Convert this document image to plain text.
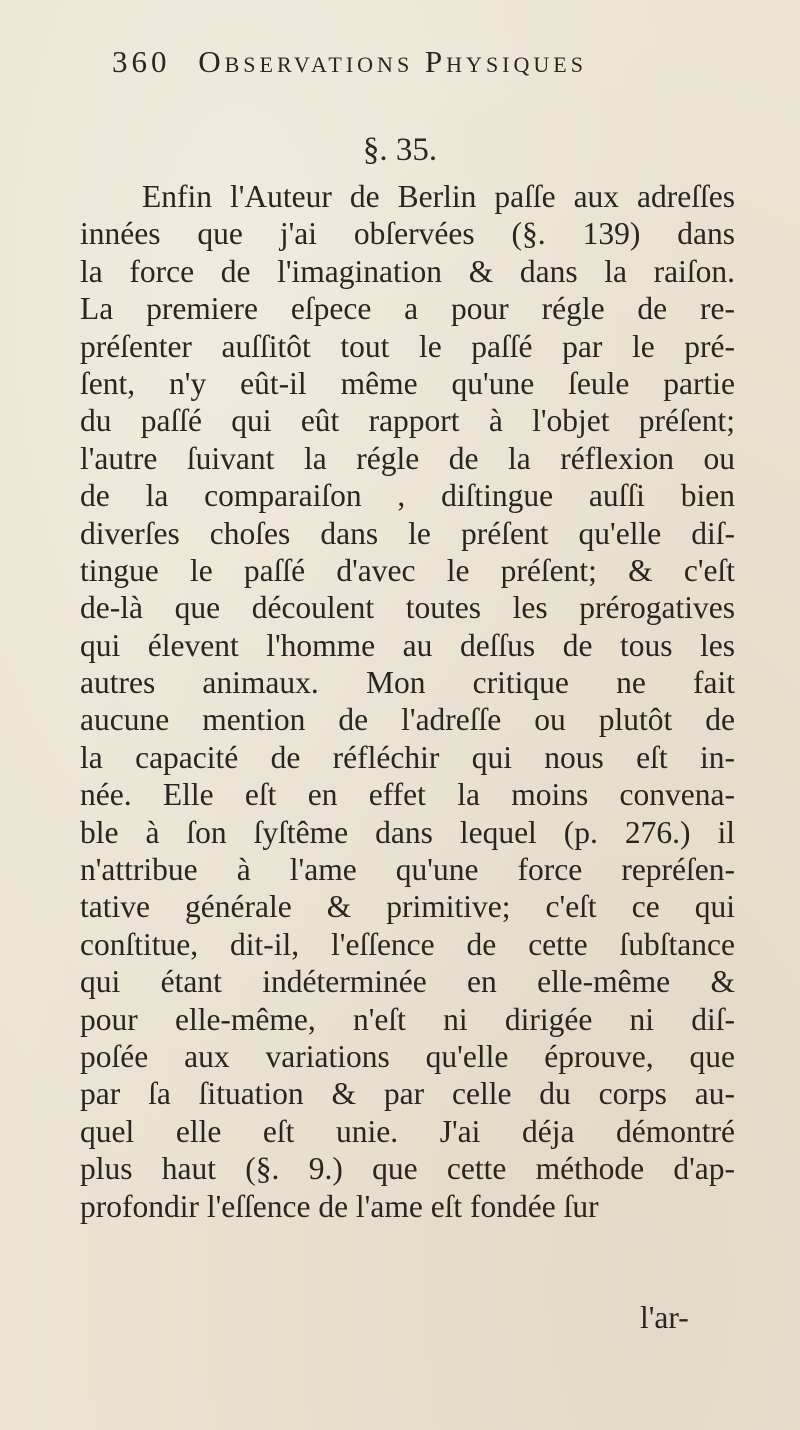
360 Observations Physiques
§. 35.
Enfin l'Auteur de Berlin paſſe aux adreſſes
innées que j'ai obſervées (§. 139) dans
la force de l'imagination & dans la raiſon.
La premiere eſpece a pour régle de re-
préſenter auſſitôt tout le paſſé par le pré-
ſent, n'y eût-il même qu'une ſeule partie
du paſſé qui eût rapport à l'objet préſent;
l'autre ſuivant la régle de la réflexion ou
de la comparaiſon , diſtingue auſſi bien
diverſes choſes dans le préſent qu'elle diſ-
tingue le paſſé d'avec le préſent; & c'eſt
de-là que découlent toutes les prérogatives
qui élevent l'homme au deſſus de tous les
autres animaux. Mon critique ne fait
aucune mention de l'adreſſe ou plutôt de
la capacité de réfléchir qui nous eſt in-
née. Elle eſt en effet la moins convena-
ble à ſon ſyſtême dans lequel (p. 276.) il
n'attribue à l'ame qu'une force repréſen-
tative générale & primitive; c'eſt ce qui
conſtitue, dit-il, l'eſſence de cette ſubſtance
qui étant indéterminée en elle-même &
pour elle-même, n'eſt ni dirigée ni diſ-
poſée aux variations qu'elle éprouve, que
par ſa ſituation & par celle du corps au-
quel elle eſt unie. J'ai déja démontré
plus haut (§. 9.) que cette méthode d'ap-
profondir l'eſſence de l'ame eſt fondée ſur
l'ar-
